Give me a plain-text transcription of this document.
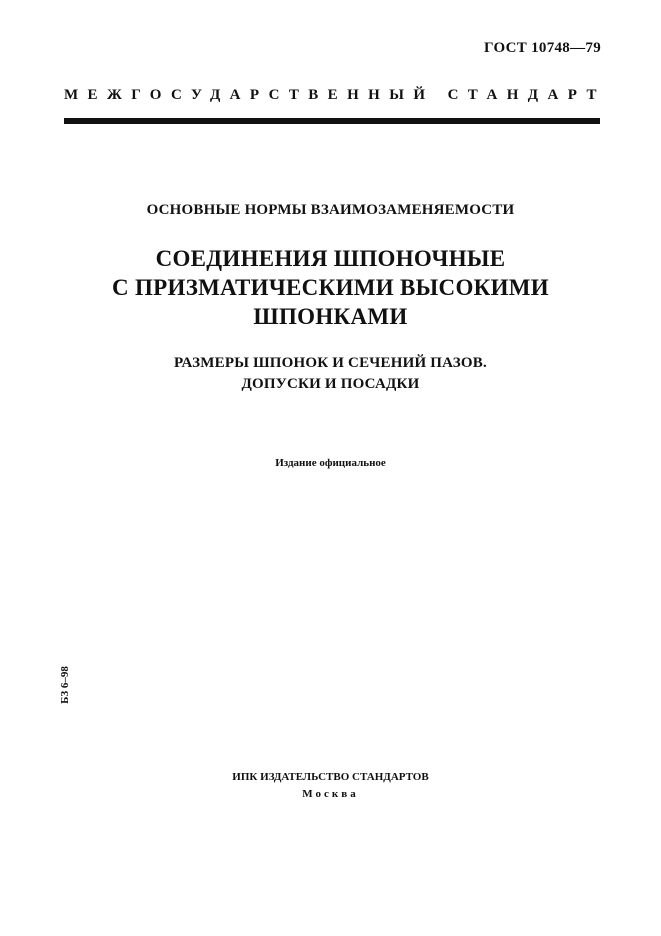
ГОСТ 10748—79
МЕЖГОСУДАРСТВЕННЫЙ СТАНДАРТ
ОСНОВНЫЕ НОРМЫ ВЗАИМОЗАМЕНЯЕМОСТИ
СОЕДИНЕНИЯ ШПОНОЧНЫЕ
С ПРИЗМАТИЧЕСКИМИ ВЫСОКИМИ
ШПОНКАМИ
РАЗМЕРЫ ШПОНОК И СЕЧЕНИЙ ПАЗОВ.
ДОПУСКИ И ПОСАДКИ
Издание официальное
БЗ 6–98
ИПК ИЗДАТЕЛЬСТВО СТАНДАРТОВ
Москва
